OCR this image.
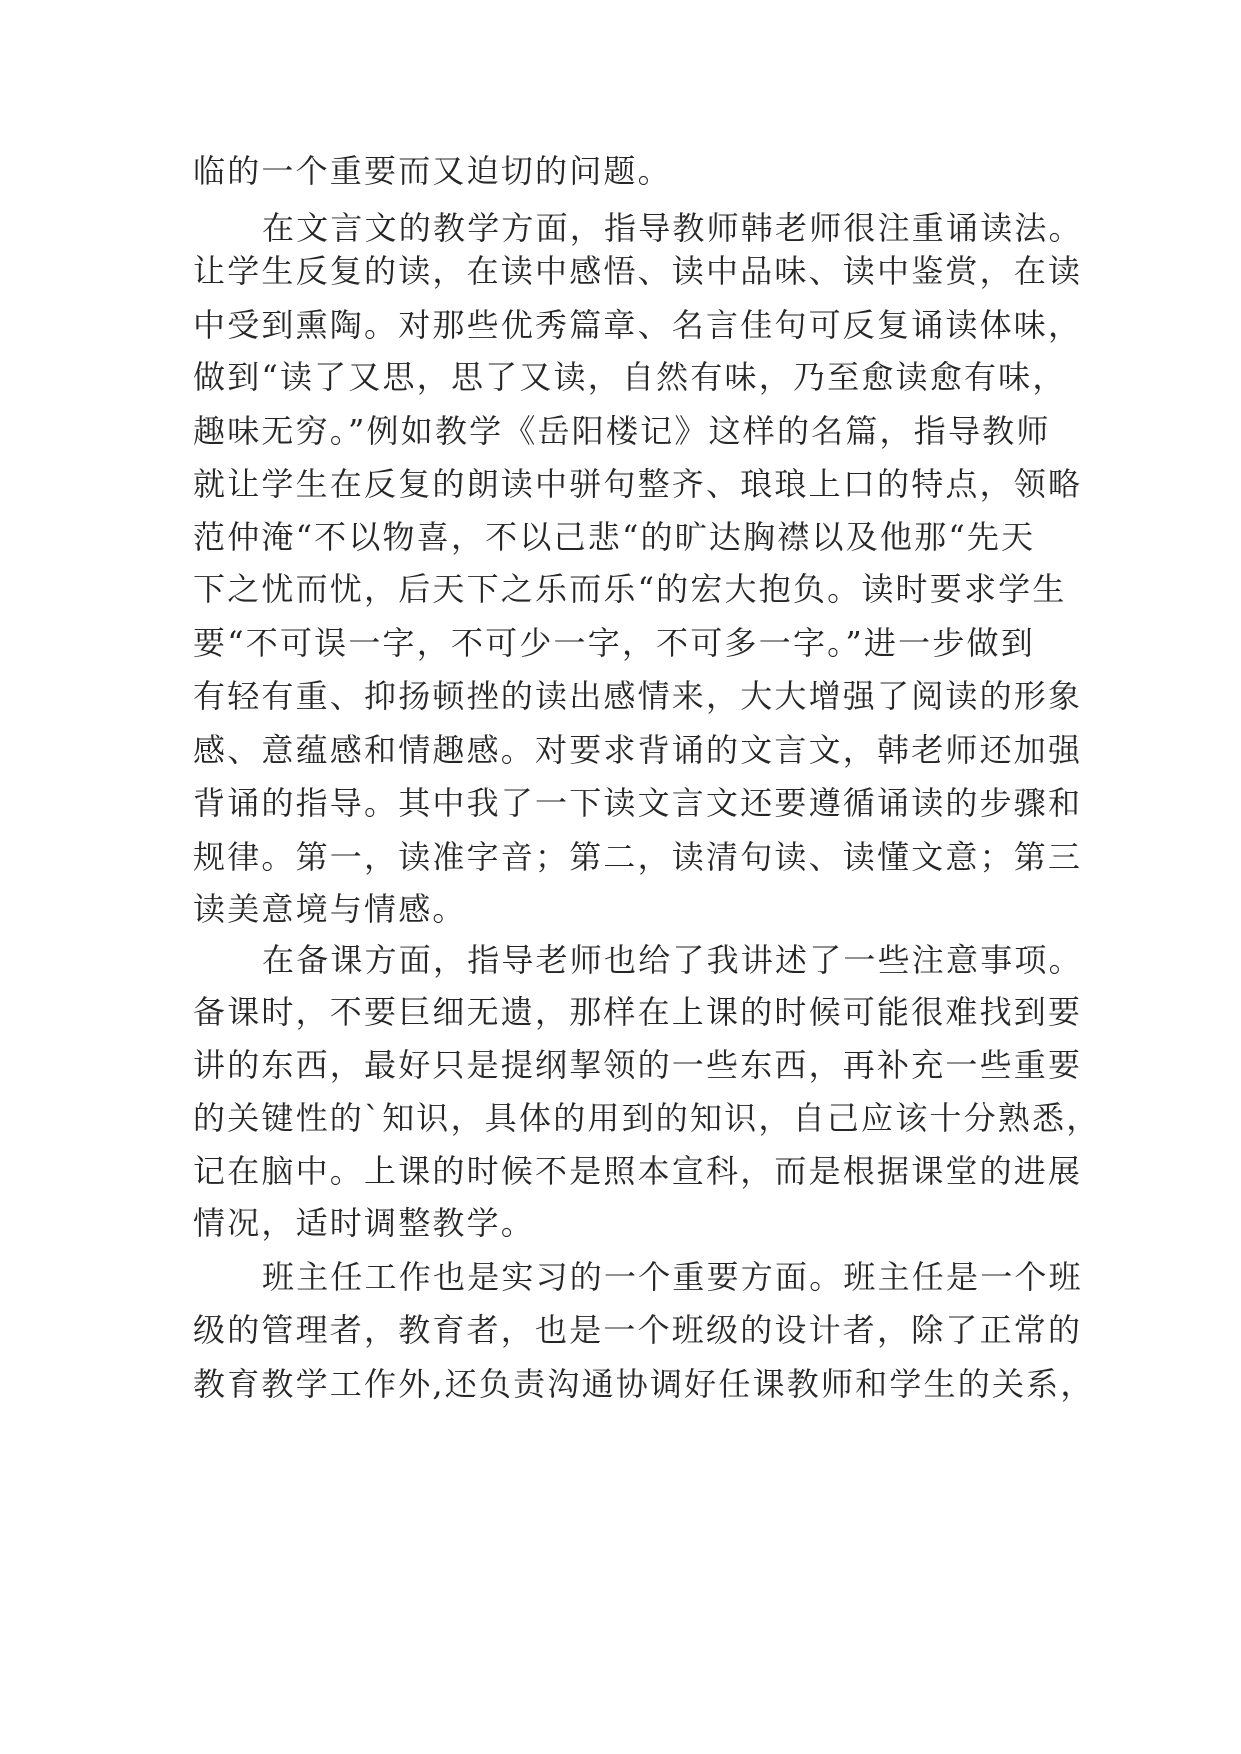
临的一个重要而又迫切的问题。
在文言文的教学方面，指导教师韩老师很注重诵读法。
让学生反复的读，在读中感悟、读中品味、读中鉴赏，在读
中受到熏陶。对那些优秀篇章、名言佳句可反复诵读体味，
做到“读了又思，思了又读，自然有味，乃至愈读愈有味，
趣味无穷。”例如教学《岳阳楼记》这样的名篇，指导教师
就让学生在反复的朗读中骈句整齐、琅琅上口的特点，领略
范仲淹“不以物喜，不以己悲“的旷达胸襟以及他那“先天
下之忧而忧，后天下之乐而乐“的宏大抱负。读时要求学生
要“不可误一字，不可少一字，不可多一字。”进一步做到
有轻有重、抑扬顿挫的读出感情来，大大增强了阅读的形象
感、意蕴感和情趣感。对要求背诵的文言文，韩老师还加强
背诵的指导。其中我了一下读文言文还要遵循诵读的步骤和
规律。第一，读准字音；第二，读清句读、读懂文意；第三
读美意境与情感。
在备课方面，指导老师也给了我讲述了一些注意事项。
备课时，不要巨细无遗，那样在上课的时候可能很难找到要
讲的东西，最好只是提纲挈领的一些东西，再补充一些重要
的关键性的`知识，具体的用到的知识，自己应该十分熟悉，
记在脑中。上课的时候不是照本宣科，而是根据课堂的进展
情况，适时调整教学。
班主任工作也是实习的一个重要方面。班主任是一个班
级的管理者，教育者，也是一个班级的设计者，除了正常的
教育教学工作外,还负责沟通协调好任课教师和学生的关系，
